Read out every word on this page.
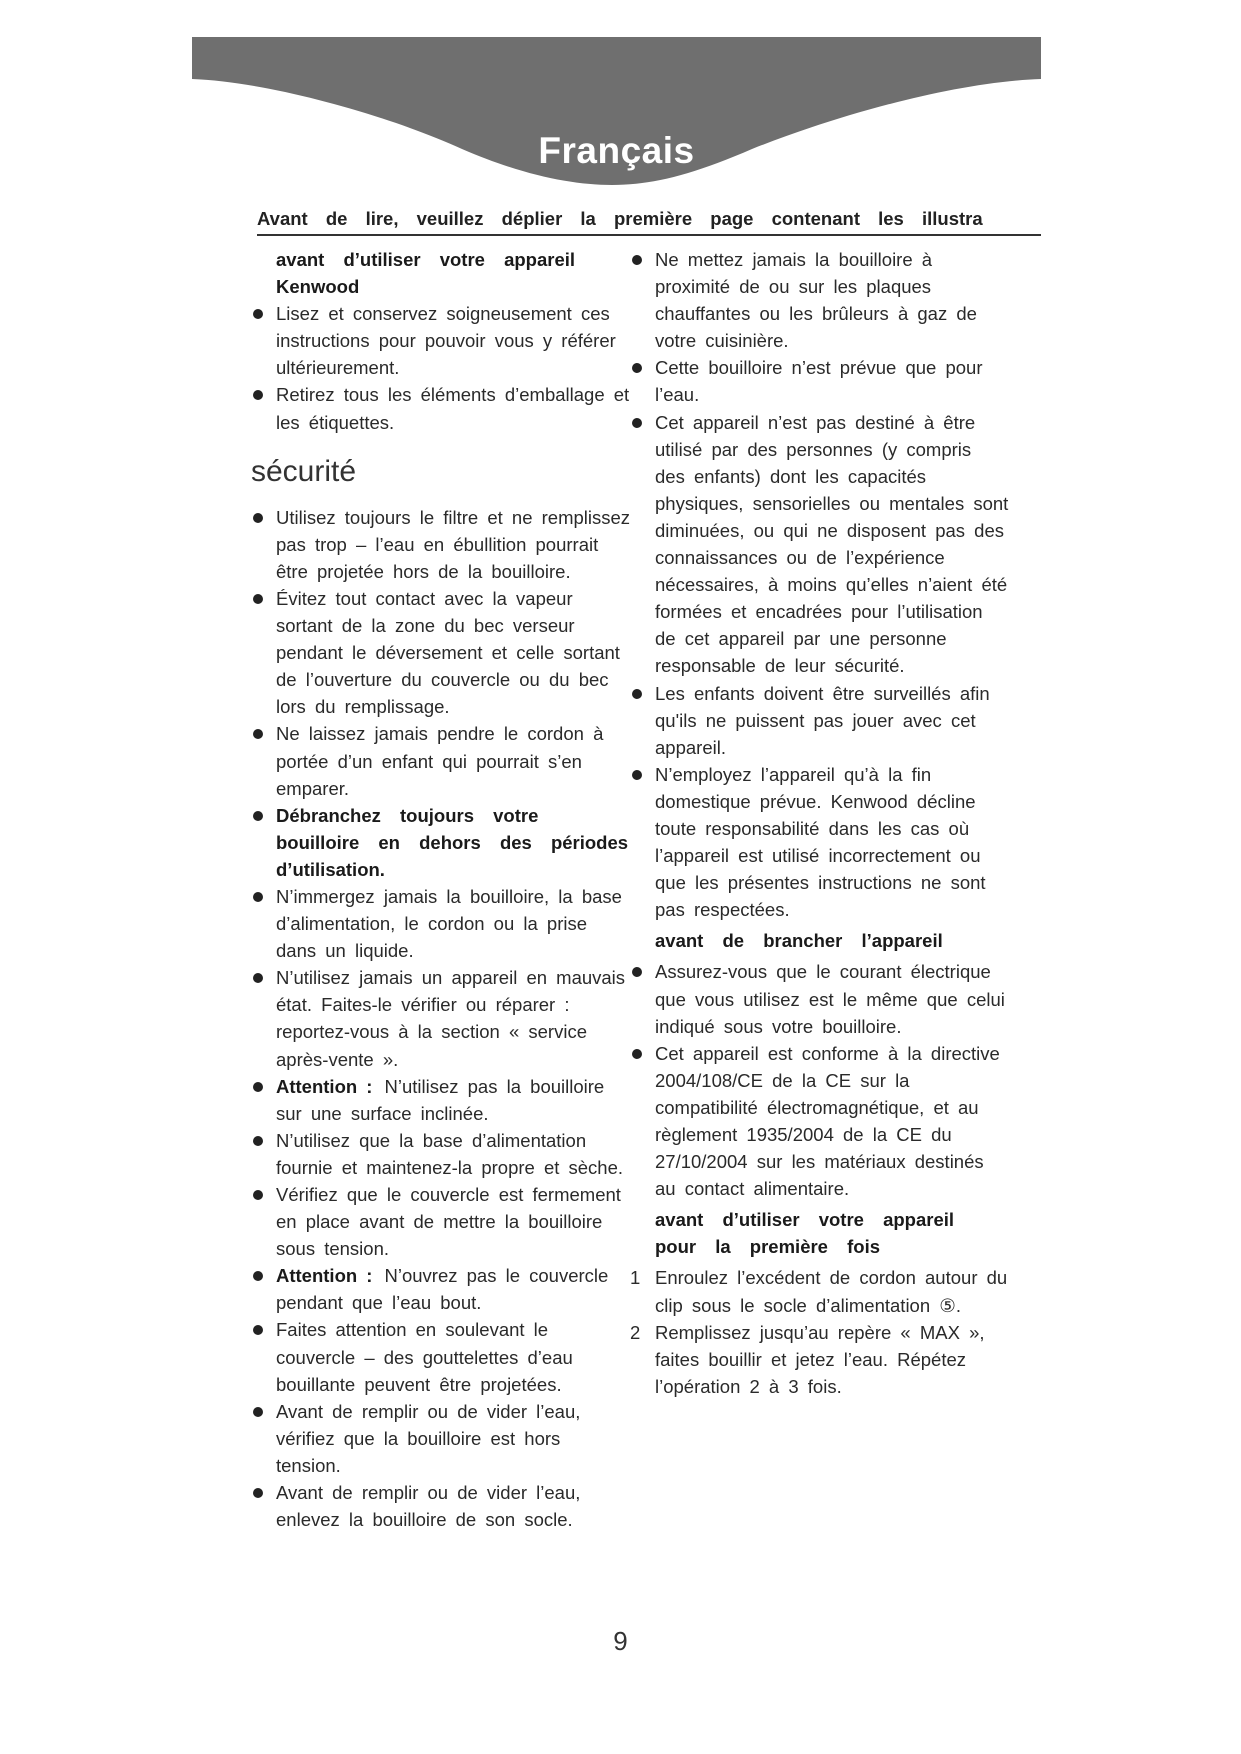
Français
Avant de lire, veuillez déplier la première page contenant les illustra

avant d’utiliser votre appareil Kenwood

Lisez et conservez soigneusement ces instructions pour pouvoir vous y référer ultérieurement.
Retirez tous les éléments d’emballage et les étiquettes.
sécurité
Utilisez toujours le filtre et ne remplissez pas trop – l’eau en ébullition pourrait être projetée hors de la bouilloire.
Évitez tout contact avec la vapeur sortant de la zone du bec verseur pendant le déversement et celle sortant de l’ouverture du couvercle ou du bec lors du remplissage.
Ne laissez jamais pendre le cordon à portée d’un enfant qui pourrait s’en emparer.
Débranchez toujours votre bouilloire en dehors des périodes d’utilisation.
N’immergez jamais la bouilloire, la base d’alimentation, le cordon ou la prise dans un liquide.
N’utilisez jamais un appareil en mauvais état. Faites-le vérifier ou réparer : reportez-vous à la section « service après-vente ».
Attention : N’utilisez pas la bouilloire sur une surface inclinée.
N’utilisez que la base d’alimentation fournie et maintenez-la propre et sèche.
Vérifiez que le couvercle est fermement en place avant de mettre la bouilloire sous tension.
Attention : N’ouvrez pas le couvercle pendant que l’eau bout.
Faites attention en soulevant le couvercle – des gouttelettes d’eau bouillante peuvent être projetées.
Avant de remplir ou de vider l’eau, vérifiez que la bouilloire est hors tension.
Avant de remplir ou de vider l’eau, enlevez la bouilloire de son socle.
Ne mettez jamais la bouilloire à proximité de ou sur les plaques chauffantes ou les brûleurs à gaz de votre cuisinière.
Cette bouilloire n’est prévue que pour l’eau.
Cet appareil n’est pas destiné à être utilisé par des personnes (y compris des enfants) dont les capacités physiques, sensorielles ou mentales sont diminuées, ou qui ne disposent pas des connaissances ou de l’expérience nécessaires, à moins qu’elles n’aient été formées et encadrées pour l’utilisation de cet appareil par une personne responsable de leur sécurité.
Les enfants doivent être surveillés afin qu'ils ne puissent pas jouer avec cet appareil.
N’employez l’appareil qu’à la fin domestique prévue. Kenwood décline toute responsabilité dans les cas où l’appareil est utilisé incorrectement ou que les présentes instructions ne sont pas respectées.

avant de brancher l’appareil

Assurez-vous que le courant électrique que vous utilisez est le même que celui indiqué sous votre bouilloire.
Cet appareil est conforme à la directive 2004/108/CE de la CE sur la compatibilité électromagnétique, et au règlement 1935/2004 de la CE du 27/10/2004 sur les matériaux destinés au contact alimentaire.

avant d’utiliser votre appareil pour la première fois

1 Enroulez l’excédent de cordon autour du clip sous le socle d’alimentation ⑤.
2 Remplissez jusqu’au repère « MAX », faites bouillir et jetez l’eau. Répétez l’opération 2 à 3 fois.
9
